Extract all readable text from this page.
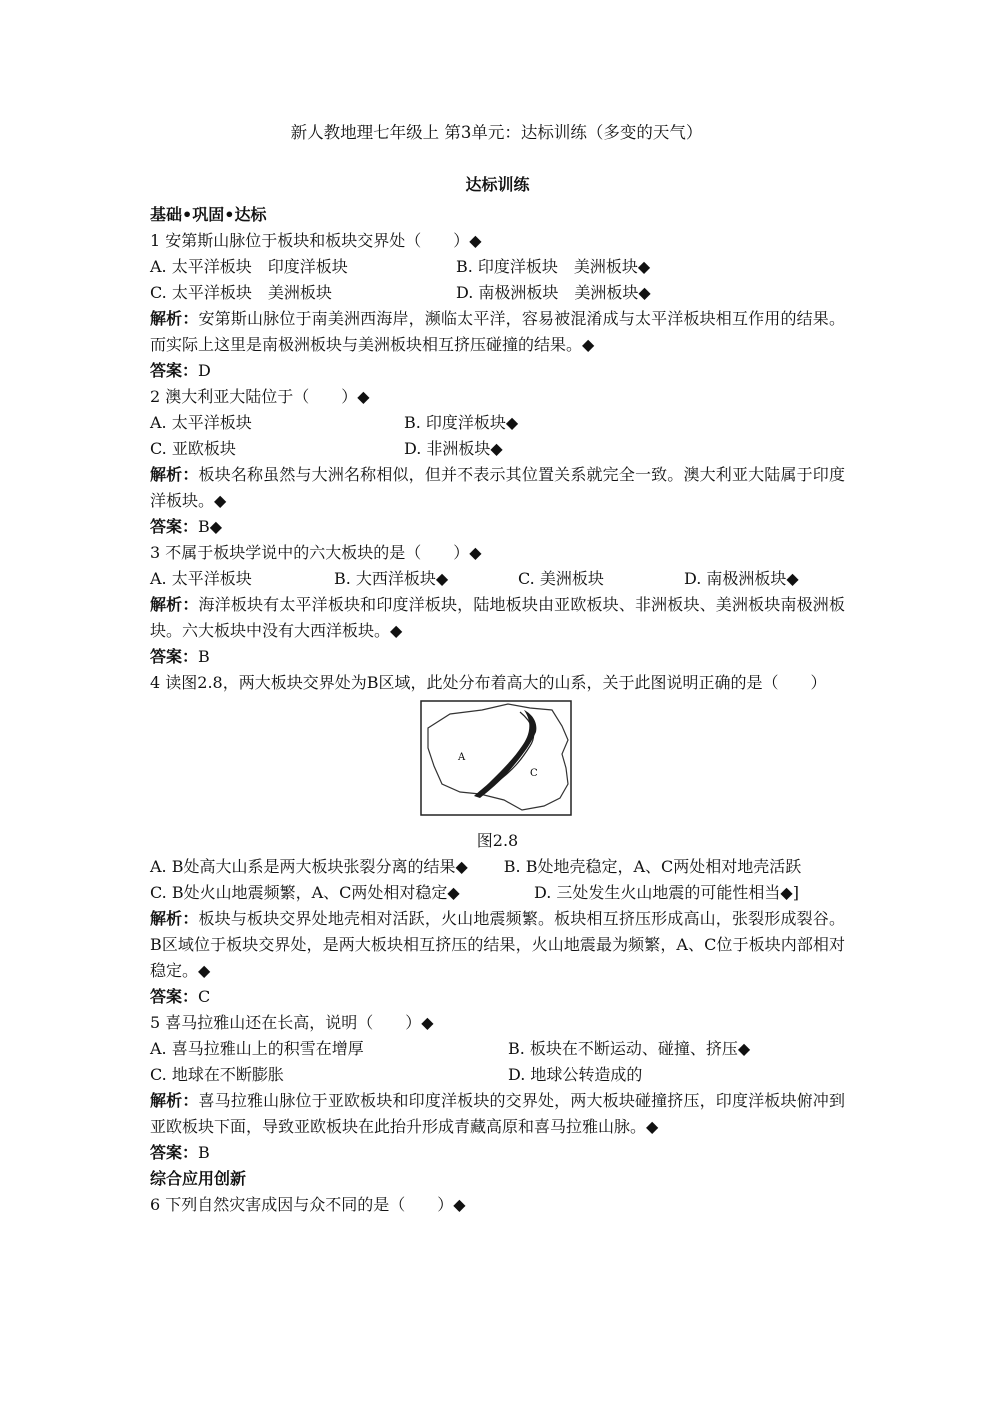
新人教地理七年级上 第3单元：达标训练（多变的天气）
达标训练
基础•巩固•达标
1 安第斯山脉位于板块和板块交界处（　　）◆
A. 太平洋板块　印度洋板块	B. 印度洋板块　美洲板块◆
C. 太平洋板块　美洲板块	D. 南极洲板块　美洲板块◆
解析：安第斯山脉位于南美洲西海岸，濒临太平洋，容易被混淆成与太平洋板块相互作用的结果。而实际上这里是南极洲板块与美洲板块相互挤压碰撞的结果。◆
答案：D
2 澳大利亚大陆位于（　　）◆
A. 太平洋板块	B. 印度洋板块◆
C. 亚欧板块	D. 非洲板块◆
解析：板块名称虽然与大洲名称相似，但并不表示其位置关系就完全一致。澳大利亚大陆属于印度洋板块。◆
答案：B◆
3 不属于板块学说中的六大板块的是（　　）◆
A. 太平洋板块	B. 大西洋板块◆	C. 美洲板块	D. 南极洲板块◆
解析：海洋板块有太平洋板块和印度洋板块，陆地板块由亚欧板块、非洲板块、美洲板块南极洲板块。六大板块中没有大西洋板块。◆
答案：B
4 读图2.8，两大板块交界处为B区域，此处分布着高大的山系，关于此图说明正确的是（　　）
A
C
图2.8
A. B处高大山系是两大板块张裂分离的结果◆ B. B处地壳稳定，A、C两处相对地壳活跃
C. B处火山地震频繁，A、C两处相对稳定◆	D. 三处发生火山地震的可能性相当◆]
解析：板块与板块交界处地壳相对活跃，火山地震频繁。板块相互挤压形成高山，张裂形成裂谷。B区域位于板块交界处，是两大板块相互挤压的结果，火山地震最为频繁，A、C位于板块内部相对稳定。◆
答案：C
5 喜马拉雅山还在长高，说明（　　）◆
A. 喜马拉雅山上的积雪在增厚	B. 板块在不断运动、碰撞、挤压◆
C. 地球在不断膨胀	D. 地球公转造成的
解析：喜马拉雅山脉位于亚欧板块和印度洋板块的交界处，两大板块碰撞挤压，印度洋板块俯冲到亚欧板块下面，导致亚欧板块在此抬升形成青藏高原和喜马拉雅山脉。◆
答案：B
综合应用创新
6 下列自然灾害成因与众不同的是（　　）◆
